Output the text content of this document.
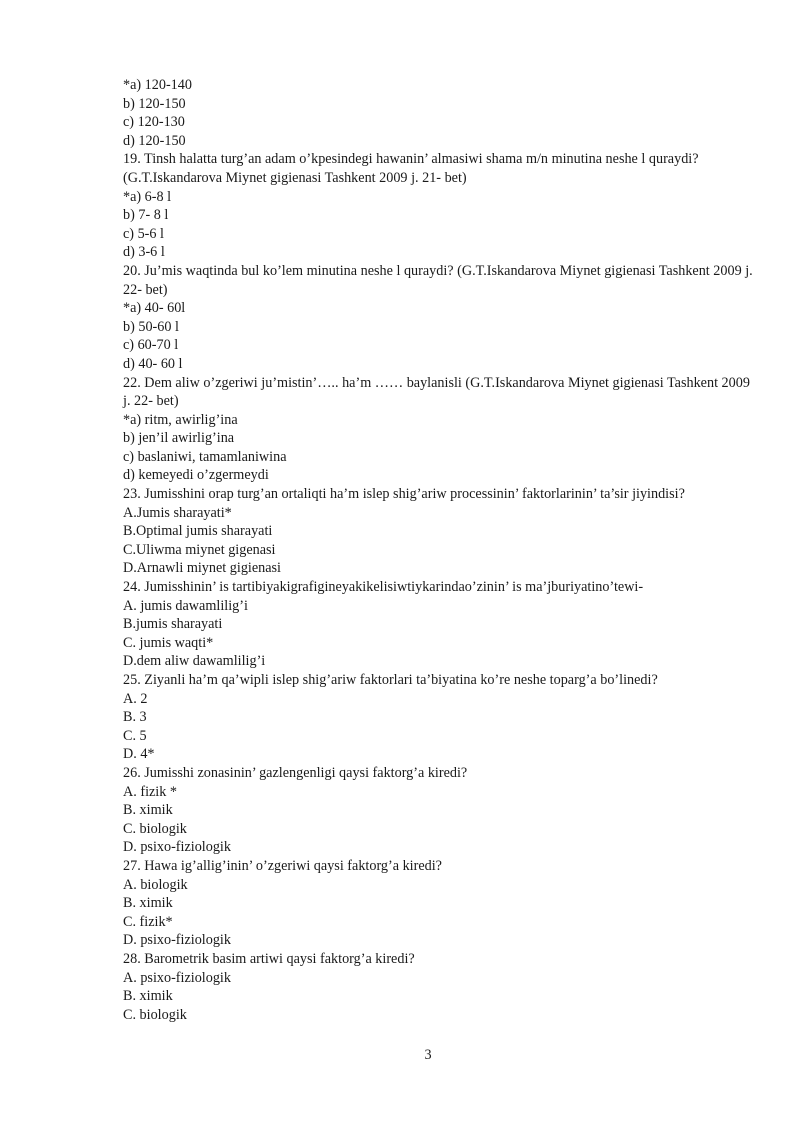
*a) 120-140
b) 120-150
c) 120-130
d) 120-150
19. Tinsh halatta turg’an adam o’kpesindegi hawanin’ almasiwi shama m/n minutina neshe l quraydi? (G.T.Iskandarova Miynet gigienasi Tashkent 2009 j. 21- bet)
*a) 6-8 l
b) 7- 8 l
c) 5-6 l
d) 3-6 l
20. Ju’mis waqtinda bul ko’lem minutina neshe l quraydi? (G.T.Iskandarova Miynet gigienasi Tashkent 2009 j. 22- bet)
*a) 40- 60l
b) 50-60 l
c) 60-70 l
d) 40- 60 l
22. Dem aliw o’zgeriwi ju’mistin’….. ha’m …… baylanisli (G.T.Iskandarova Miynet gigienasi Tashkent 2009 j. 22- bet)
*a) ritm, awirlig’ina
b) jen’il awirlig’ina
c) baslaniwi, tamamlaniwina
d) kemeyedi o’zgermeydi
23. Jumisshini orap turg’an ortaliqti ha’m islep shig’ariw processinin’ faktorlarinin’ ta’sir jiyindisi?
A.Jumis sharayati*
B.Optimal jumis sharayati
C.Uliwma miynet gigenasi
D.Arnawli miynet gigienasi
24. Jumisshinin’ is tartibiyakigrafigineyakikelisiwtiykarindao’zinin’ is ma’jburiyatino’tewi-
A. jumis dawamlilig’i
B.jumis sharayati
C. jumis waqti*
D.dem aliw dawamlilig’i
25. Ziyanli ha’m qa’wipli islep shig’ariw faktorlari ta’biyatina ko’re neshe toparg’a bo’linedi?
A. 2
B. 3
C. 5
D. 4*
26. Jumisshi zonasinin’ gazlengenligi qaysi faktorg’a kiredi?
A. fizik *
B. ximik
C. biologik
D. psixo-fiziologik
27. Hawa ig’allig’inin’ o’zgeriwi qaysi faktorg’a kiredi?
A. biologik
B. ximik
C. fizik*
D. psixo-fiziologik
28. Barometrik basim artiwi qaysi faktorg’a kiredi?
A. psixo-fiziologik
B. ximik
C. biologik
3
